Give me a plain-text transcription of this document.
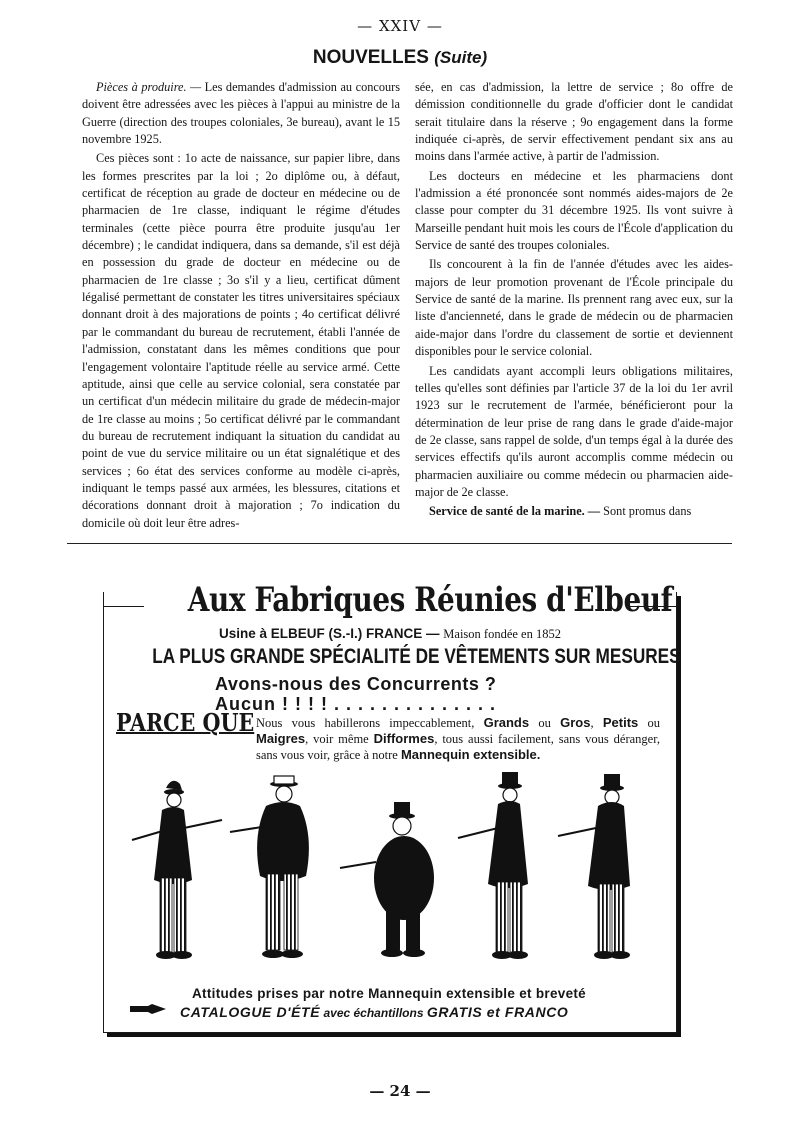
— XXIV —
NOUVELLES (Suite)

Pièces à produire. — Les demandes d'admission au concours doivent être adressées avec les pièces à l'appui au ministre de la Guerre (direction des troupes coloniales, 3e bureau), avant le 15 novembre 1925.

Ces pièces sont : 1o acte de naissance, sur papier libre, dans les formes prescrites par la loi ; 2o diplôme ou, à défaut, certificat de réception au grade de docteur en médecine ou de pharmacien de 1re classe, indiquant le régime d'études terminales (cette pièce pourra être produite jusqu'au 1er décembre) ; le candidat indiquera, dans sa demande, s'il est déjà en possession du grade de docteur en médecine ou de pharmacien de 1re classe ; 3o s'il y a lieu, certificat dûment légalisé permettant de constater les titres universitaires spéciaux donnant droit à des majorations de points ; 4o certificat délivré par le commandant du bureau de recrutement, établi l'année de l'admission, constatant dans les mêmes conditions que pour l'engagement volontaire l'aptitude réelle au service armé. Cette aptitude, ainsi que celle au service colonial, sera constatée par un certificat d'un médecin militaire du grade de médecin-major de 1re classe au moins ; 5o certificat délivré par le commandant du bureau de recrutement indiquant la situation du candidat au point de vue du service militaire ou un état signalétique et des services ; 6o état des services conforme au modèle ci-après, indiquant le temps passé aux armées, les blessures, citations et décorations donnant droit à majoration ; 7o indication du domicile où doit leur être adres-

sée, en cas d'admission, la lettre de service ; 8o offre de démission conditionnelle du grade d'officier dont le candidat serait titulaire dans la réserve ; 9o engagement dans la forme indiquée ci-après, de servir effectivement pendant six ans au moins dans l'armée active, à partir de l'admission.

Les docteurs en médecine et les pharmaciens dont l'admission a été prononcée sont nommés aides-majors de 2e classe pour compter du 31 décembre 1925. Ils vont suivre à Marseille pendant huit mois les cours de l'École d'application du Service de santé des troupes coloniales.

Ils concourent à la fin de l'année d'études avec les aides-majors de leur promotion provenant de l'École principale du Service de santé de la marine. Ils prennent rang avec eux, sur la liste d'ancienneté, dans le grade de médecin ou de pharmacien aide-major dans l'ordre du classement de sortie et deviennent disponibles pour le service colonial.

Les candidats ayant accompli leurs obligations militaires, telles qu'elles sont définies par l'article 37 de la loi du 1er avril 1923 sur le recrutement de l'armée, bénéficieront pour la détermination de leur prise de rang dans le grade d'aide-major de 2e classe, sans rappel de solde, d'un temps égal à la durée des services effectifs qu'ils auront accomplis comme médecin ou pharmacien auxiliaire ou comme médecin ou pharmacien aide-major de 2e classe.

Service de santé de la marine. — Sont promus dans

Aux Fabriques Réunies d'Elbeuf
Usine à ELBEUF (S.-I.) FRANCE — Maison fondée en 1852
LA PLUS GRANDE SPÉCIALITÉ DE VÊTEMENTS SUR MESURES
Avons-nous des Concurrents ?
Aucun ! ! ! ! . . . . . . . . . . . . . .
PARCE QUE Nous vous habillerons impeccablement, Grands ou Gros, Petits ou Maigres, voir même Difformes, tous aussi facilement, sans vous déranger, sans vous voir, grâce à notre Mannequin extensible.
Attitudes prises par notre Mannequin extensible et breveté
CATALOGUE D'ÉTÉ avec échantillons GRATIS et FRANCO
— 24 —
